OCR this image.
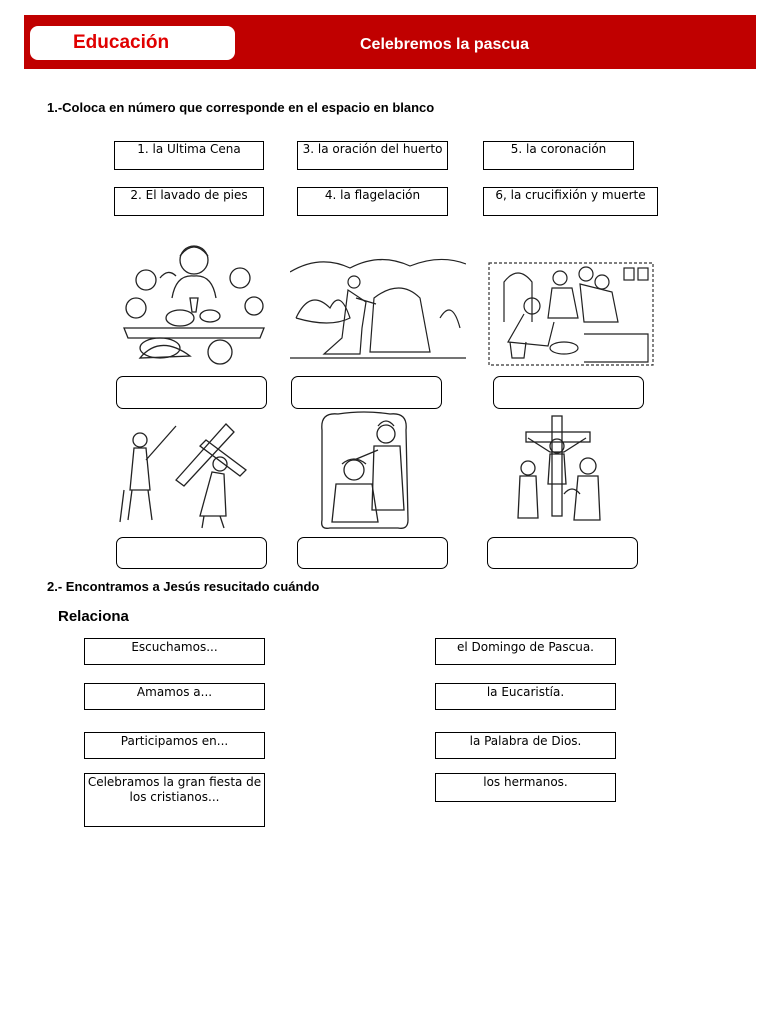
Educación	Celebremos la pascua
1.-Coloca en número que corresponde en el espacio en blanco
1. la Ultima Cena	3. la oración del huerto	5. la coronación
2. El lavado de pies	4. la flagelación	6, la crucifixión y muerte
2.- Encontramos a Jesús resucitado cuándo
Relaciona
Escuchamos...
Amamos a...
Participamos en...
Celebramos la gran fiesta de los cristianos...
el Domingo de Pascua.
la Eucaristía.
la Palabra de Dios.
los hermanos.
